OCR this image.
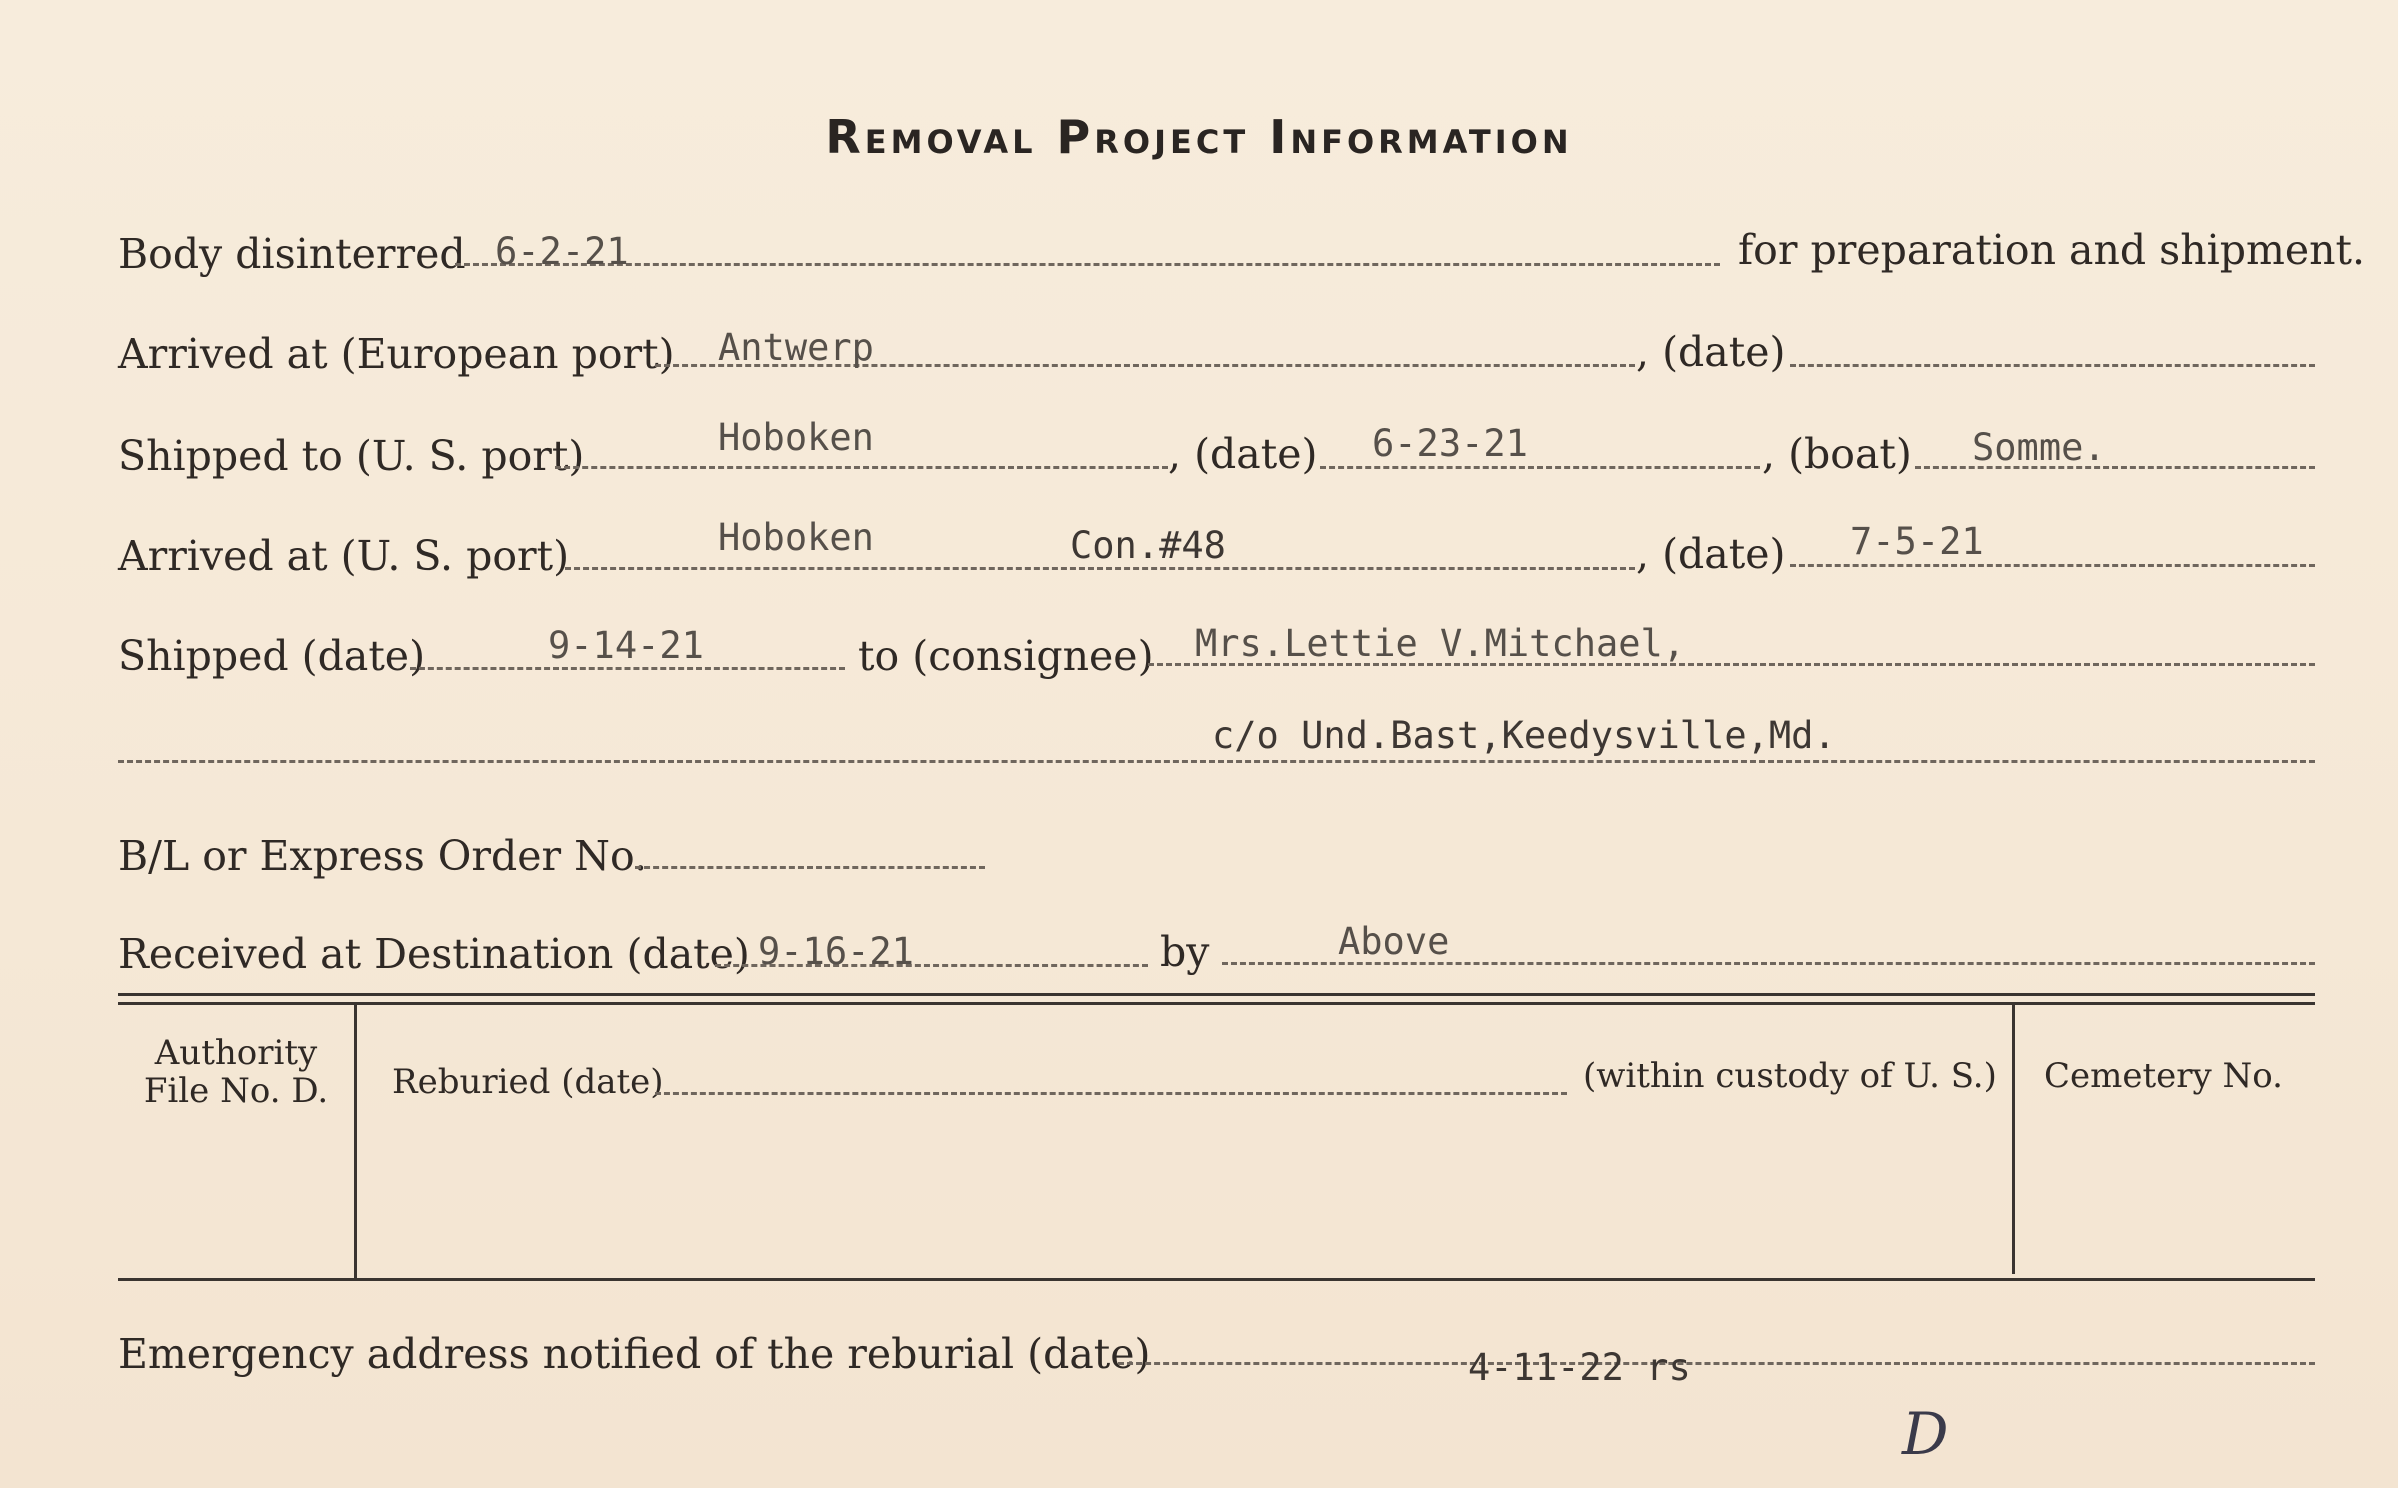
Removal Project Information
Body disinterred 6-2-21	for preparation and shipment.
Arrived at (European port) Antwerp	, (date)
Shipped to (U. S. port)	Hoboken	, (date) 6-23-21	, (boat) Somme.
Arrived at (U. S. port)	Hoboken	Con.#48	, (date) 7-5-21
Shipped (date)	9-14-21	to (consignee) Mrs.Lettie V.Mitchael,
c/o Und.Bast,Keedysville,Md.
B/L or Express Order No.
Received at Destination (date) 9-16-21	by	Above
Authority
File No. D.	Reburied (date)	(within custody of U. S.)	Cemetery No.
Emergency address notified of the reburial (date)	4-11-22 rs
D
